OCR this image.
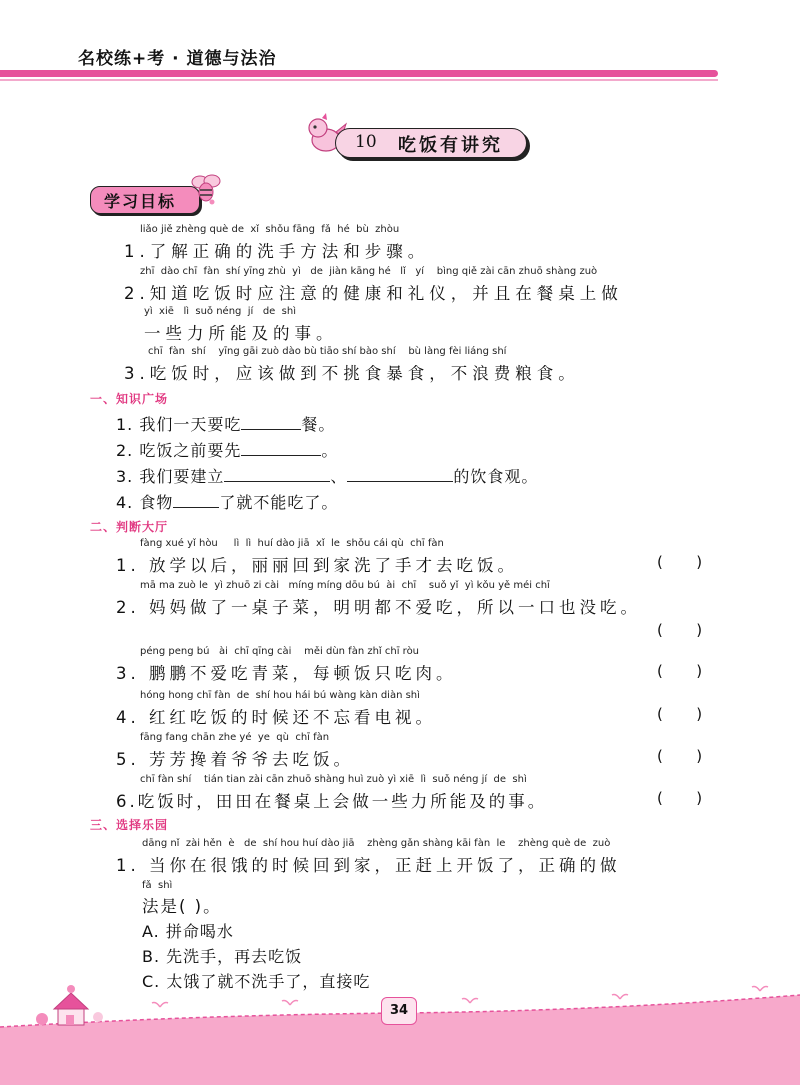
名校练+考 · 道德与法治
10 吃饭有讲究
学习目标
liǎo jiě zhèng què de  xǐ  shǒu fāng  fǎ  hé  bù  zhòu
1.了解正确的洗手方法和步骤。
zhī  dào chī  fàn  shí yīng zhù  yì   de  jiàn kāng hé   lǐ   yí    bìng qiě zài cān zhuō shàng zuò
2.知道吃饭时应注意的健康和礼仪，并且在餐桌上做
yì  xiē   lì  suǒ néng  jí   de  shì
一些力所能及的事。
chī  fàn  shí    yīng gāi zuò dào bù tiāo shí bào shí    bù làng fèi liáng shí
3.吃饭时，应该做到不挑食暴食，不浪费粮食。
一、知识广场
1. 我们一天要吃	餐。
2. 吃饭之前要先	。
3. 我们要建立	、	的饮食观。
4. 食物	了就不能吃了。
二、判断大厅
fàng xué yǐ hòu     lì  lì  huí dào jiā  xǐ  le  shǒu cái qù  chī fàn
1. 放学以后，丽丽回到家洗了手才去吃饭。	(       )
mā ma zuò le  yì zhuō zi cài   míng míng dōu bú  ài  chī    suǒ yǐ  yì kǒu yě méi chī
2. 妈妈做了一桌子菜，明明都不爱吃，所以一口也没吃。
(       )
péng peng bú   ài  chī qīng cài    měi dùn fàn zhǐ chī ròu
3. 鹏鹏不爱吃青菜，每顿饭只吃肉。	(       )
hóng hong chī fàn  de  shí hou hái bú wàng kàn diàn shì
4. 红红吃饭的时候还不忘看电视。	(       )
fāng fang chān zhe yé  ye  qù  chī fàn
5. 芳芳搀着爷爷去吃饭。	(       )
chī fàn shí    tián tian zài cān zhuō shàng huì zuò yì xiē  lì  suǒ néng jí  de  shì
6.吃饭时，田田在餐桌上会做一些力所能及的事。	(       )
三、选择乐园
dāng nǐ  zài hěn  è   de  shí hou huí dào jiā    zhèng gǎn shàng kāi fàn  le    zhèng què de  zuò
1. 当你在很饿的时候回到家，正赶上开饭了，正确的做
fǎ  shì
法是( )。
A. 拼命喝水
B. 先洗手，再去吃饭
C. 太饿了就不洗手了，直接吃
34
